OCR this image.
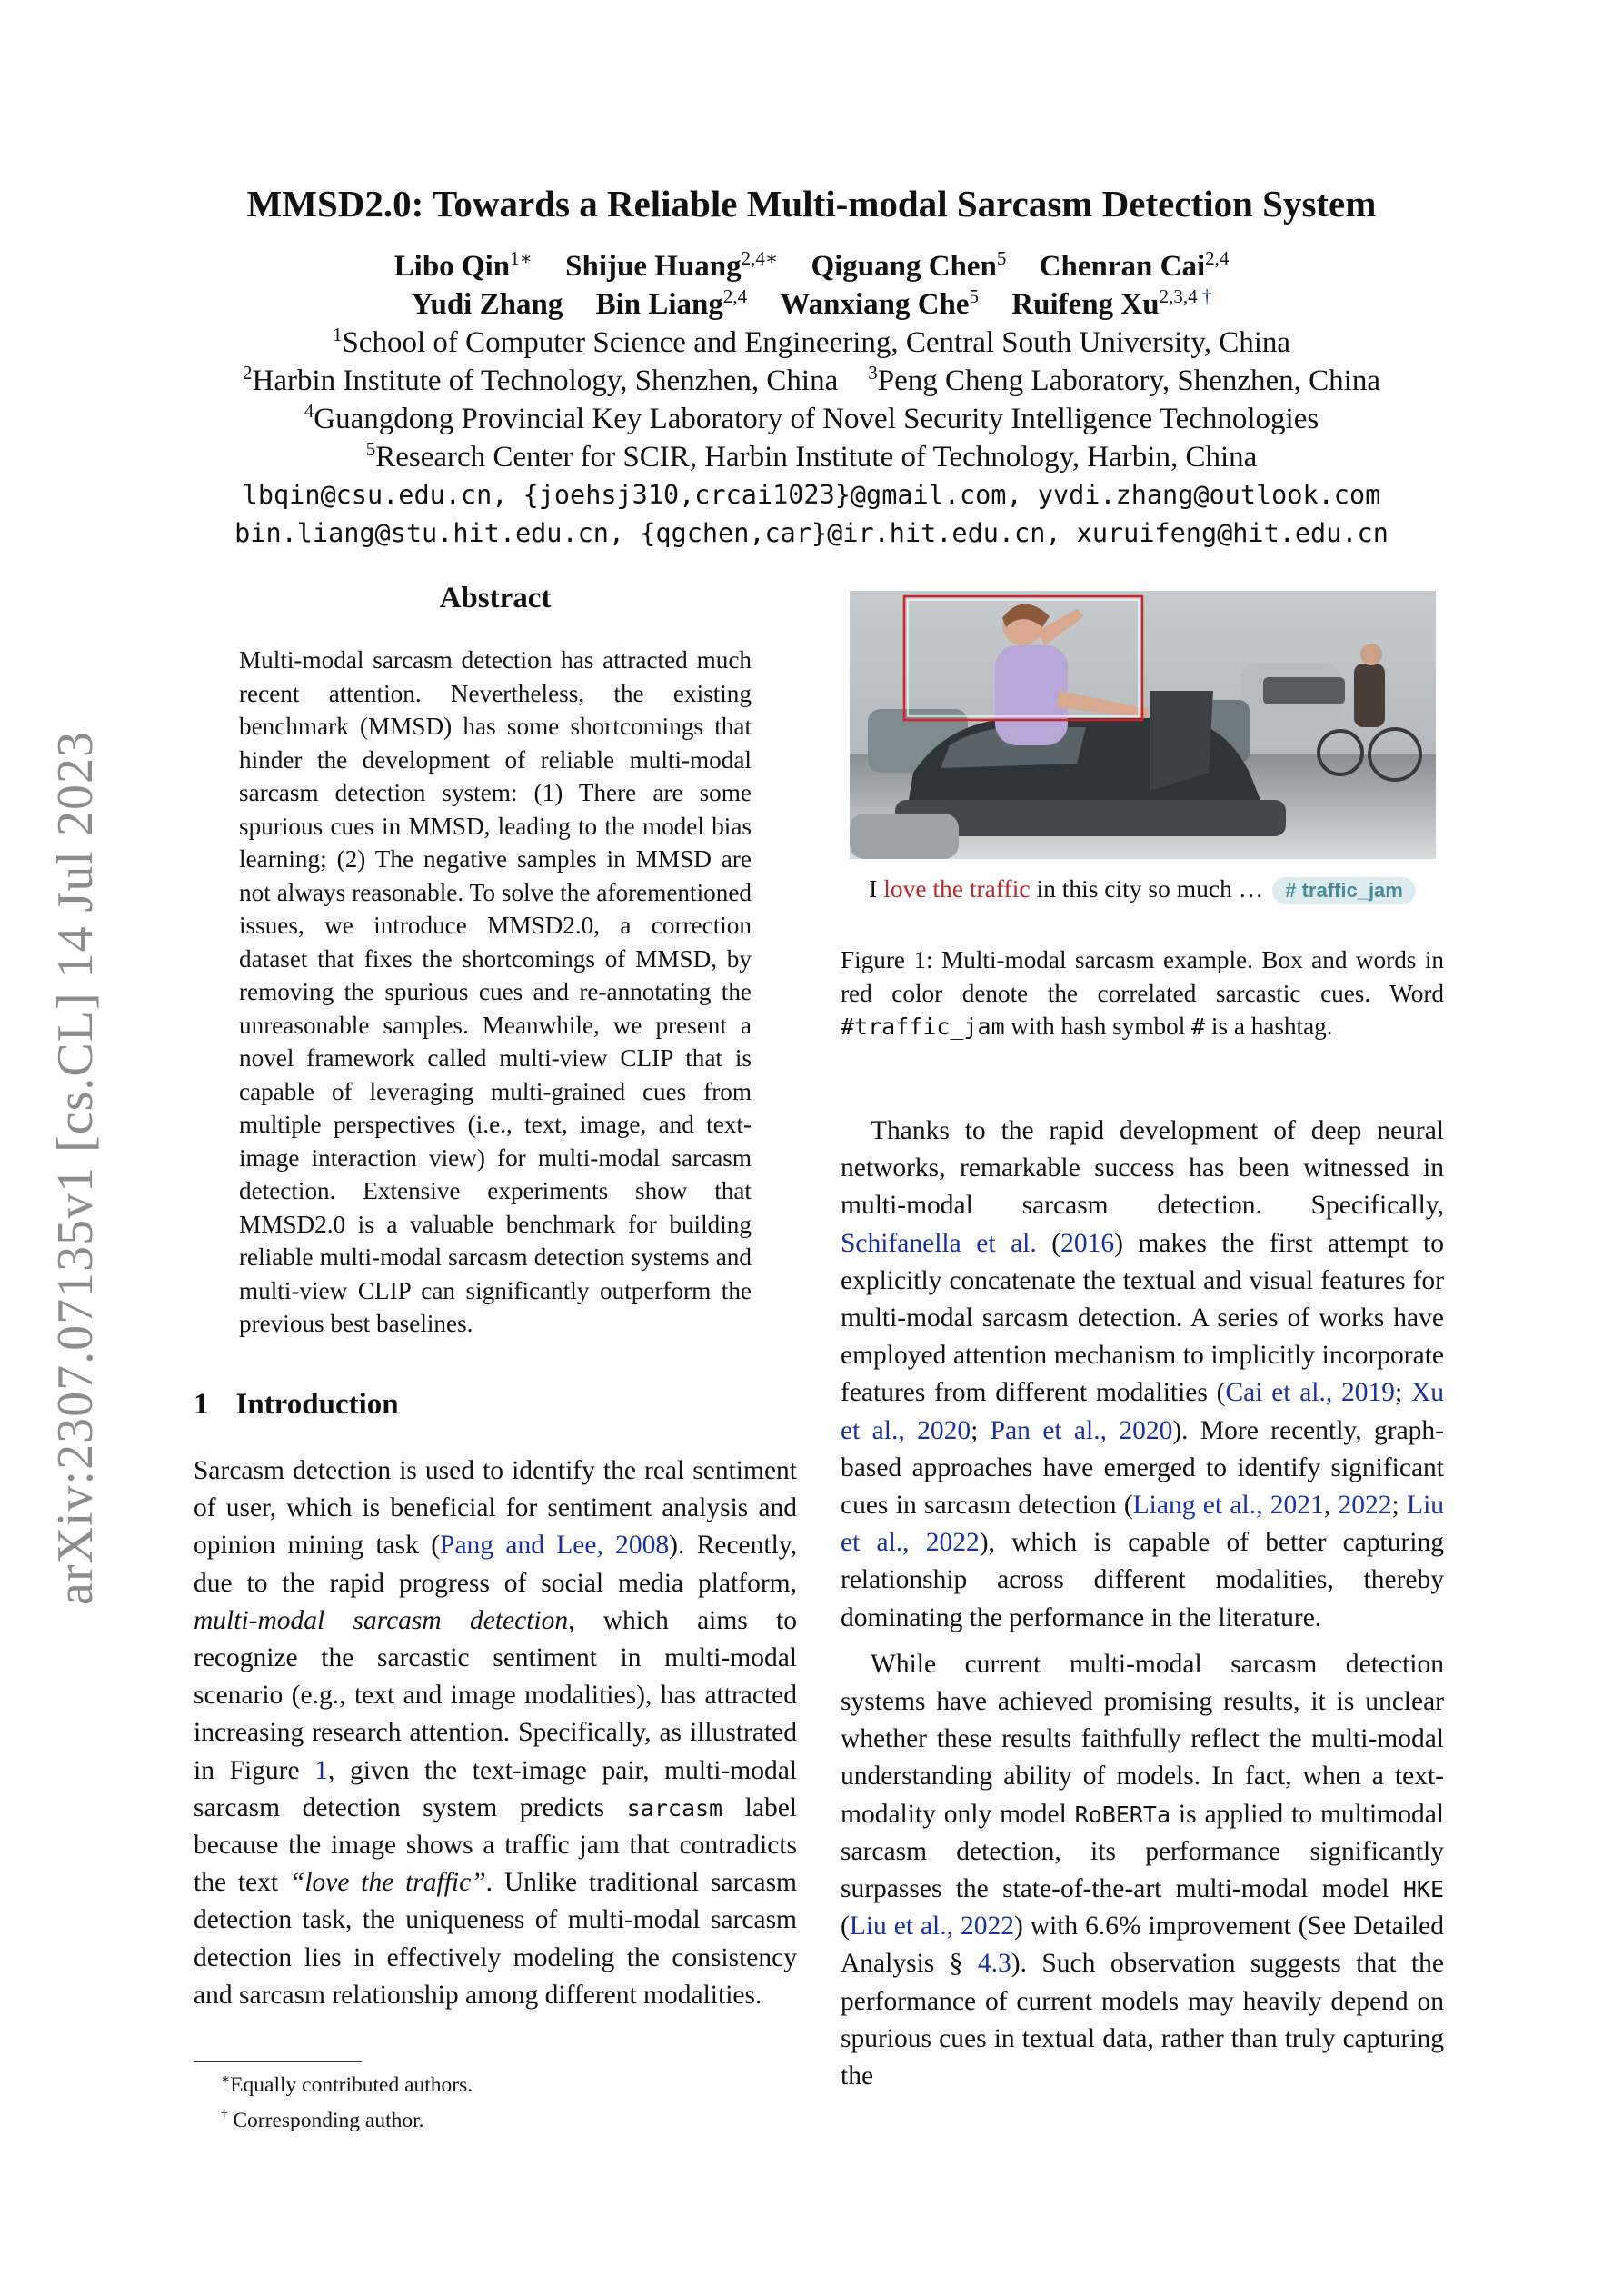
arXiv:2307.07135v1 [cs.CL] 14 Jul 2023
MMSD2.0: Towards a Reliable Multi-modal Sarcasm Detection System
Libo Qin$^{1∗}$ Shijue Huang$^{2,4∗}$ Qiguang Chen$^5$ Chenran Cai$^{2,4}$
Yudi Zhang Bin Liang$^{2,4}$ Wanxiang Che$^5$ Ruifeng $Xu^{2,3,4 \dagger}$
$^1$School of Computer Science and Engineering, Central South University, China
$^2$Harbin Institute of Technology, Shenzhen, China $^3$Peng Cheng Laboratory, Shenzhen, China
$^4$Guangdong Provincial Key Laboratory of Novel Security Intelligence Technologies
$^5$Research Center for SCIR, Harbin Institute of Technology, Harbin, China
lbqin@csu.edu.cn, {joehsj310,crcai1023}@gmail.com, yvdi.zhang@outlook.com
bin.liang@stu.hit.edu.cn, {qgchen,car}@ir.hit.edu.cn, xuruifeng@hit.edu.cn
Abstract
Multi-modal sarcasm detection has attracted much recent attention. Nevertheless, the existing benchmark (MMSD) has some shortcomings that hinder the development of reliable multi-modal sarcasm detection system: (1) There are some spurious cues in MMSD, leading to the model bias learning; (2) The negative samples in MMSD are not always reasonable. To solve the aforementioned issues, we introduce MMSD2.0, a correction dataset that fixes the shortcomings of MMSD, by removing the spurious cues and re-annotating the unreasonable samples. Meanwhile, we present a novel framework called multi-view CLIP that is capable of leveraging multi-grained cues from multiple perspectives (i.e., text, image, and text-image interaction view) for multi-modal sarcasm detection. Extensive experiments show that MMSD2.0 is a valuable benchmark for building reliable multi-modal sarcasm detection systems and multi-view CLIP can significantly outperform the previous best baselines.
1 Introduction

Sarcasm detection is used to identify the real sentiment of user, which is beneficial for sentiment analysis and opinion mining task (Pang and Lee, 2008). Recently, due to the rapid progress of social media platform, multi-modal sarcasm detection, which aims to recognize the sarcastic sentiment in multi-modal scenario (e.g., text and image modalities), has attracted increasing research attention. Specifically, as illustrated in Figure 1, given the text-image pair, multi-modal sarcasm detection system predicts sarcasm label because the image shows a traffic jam that contradicts the text “love the traffic”. Unlike traditional sarcasm detection task, the uniqueness of multi-modal sarcasm detection lies in effectively modeling the consistency and sarcasm relationship among different modalities.

∗Equally contributed authors.
† Corresponding author.
I love the traffic in this city so much … # traffic_jam
Figure 1: Multi-modal sarcasm example. Box and words in red color denote the correlated sarcastic cues. Word #traffic_jam with hash symbol # is a hashtag.

Thanks to the rapid development of deep neural networks, remarkable success has been witnessed in multi-modal sarcasm detection. Specifically, Schifanella et al. (2016) makes the first attempt to explicitly concatenate the textual and visual features for multi-modal sarcasm detection. A series of works have employed attention mechanism to implicitly incorporate features from different modalities (Cai et al., 2019; Xu et al., 2020; Pan et al., 2020). More recently, graph-based approaches have emerged to identify significant cues in sarcasm detection (Liang et al., 2021, 2022; Liu et al., 2022), which is capable of better capturing relationship across different modalities, thereby dominating the performance in the literature.

While current multi-modal sarcasm detection systems have achieved promising results, it is unclear whether these results faithfully reflect the multi-modal understanding ability of models. In fact, when a text-modality only model RoBERTa is applied to multimodal sarcasm detection, its performance significantly surpasses the state-of-the-art multi-modal model HKE (Liu et al., 2022) with 6.6% improvement (See Detailed Analysis § 4.3). Such observation suggests that the performance of current models may heavily depend on spurious cues in textual data, rather than truly capturing the
